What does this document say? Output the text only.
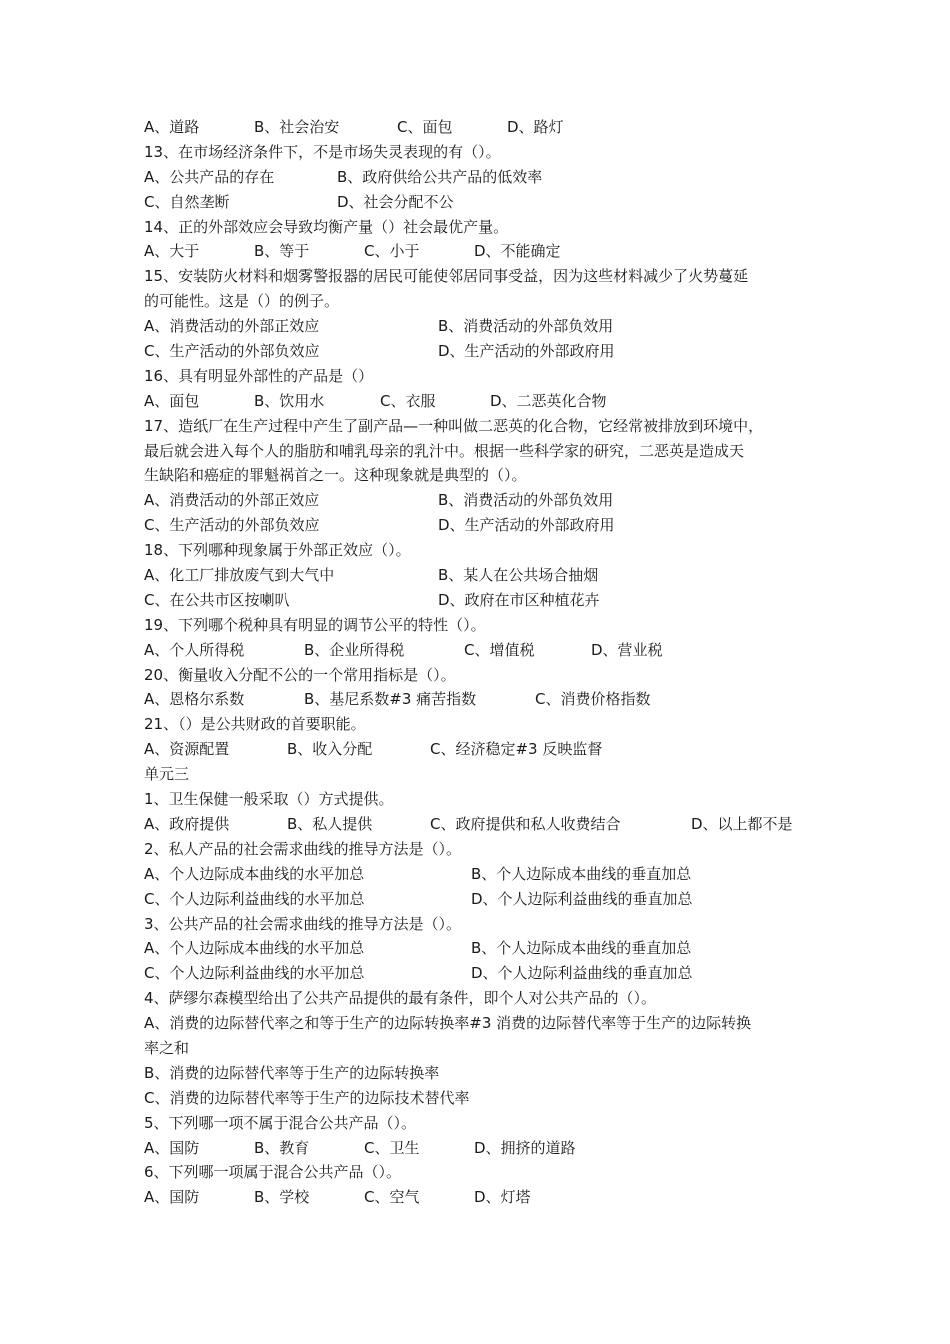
A、道路	B、社会治安	C、面包	D、路灯
13、在市场经济条件下，不是市场失灵表现的有（）。
A、公共产品的存在	B、政府供给公共产品的低效率
C、自然垄断	D、社会分配不公
14、正的外部效应会导致均衡产量（）社会最优产量。
A、大于	B、等于	C、小于	D、不能确定
15、安装防火材料和烟雾警报器的居民可能使邻居同事受益，因为这些材料减少了火势蔓延
的可能性。这是（）的例子。
A、消费活动的外部正效应	B、消费活动的外部负效用
C、生产活动的外部负效应	D、生产活动的外部政府用
16、具有明显外部性的产品是（）
A、面包	B、饮用水	C、衣服	D、二恶英化合物
17、造纸厂在生产过程中产生了副产品—一种叫做二恶英的化合物，它经常被排放到环境中，
最后就会进入每个人的脂肪和哺乳母亲的乳汁中。根据一些科学家的研究，二恶英是造成天
生缺陷和癌症的罪魁祸首之一。这种现象就是典型的（）。
A、消费活动的外部正效应	B、消费活动的外部负效用
C、生产活动的外部负效应	D、生产活动的外部政府用
18、下列哪种现象属于外部正效应（）。
A、化工厂排放废气到大气中	B、某人在公共场合抽烟
C、在公共市区按喇叭	D、政府在市区种植花卉
19、下列哪个税种具有明显的调节公平的特性（）。
A、个人所得税	B、企业所得税	C、增值税	D、营业税
20、衡量收入分配不公的一个常用指标是（）。
A、恩格尔系数	B、基尼系数#3 痛苦指数	C、消费价格指数
21、（）是公共财政的首要职能。
A、资源配置	B、收入分配	C、经济稳定#3 反映监督
单元三
1、卫生保健一般采取（）方式提供。
A、政府提供	B、私人提供	C、政府提供和私人收费结合	D、以上都不是
2、私人产品的社会需求曲线的推导方法是（）。
A、个人边际成本曲线的水平加总	B、个人边际成本曲线的垂直加总
C、个人边际利益曲线的水平加总	D、个人边际利益曲线的垂直加总
3、公共产品的社会需求曲线的推导方法是（）。
A、个人边际成本曲线的水平加总	B、个人边际成本曲线的垂直加总
C、个人边际利益曲线的水平加总	D、个人边际利益曲线的垂直加总
4、萨缪尔森模型给出了公共产品提供的最有条件，即个人对公共产品的（）。
A、消费的边际替代率之和等于生产的边际转换率#3 消费的边际替代率等于生产的边际转换
率之和
B、消费的边际替代率等于生产的边际转换率
C、消费的边际替代率等于生产的边际技术替代率
5、下列哪一项不属于混合公共产品（）。
A、国防	B、教育	C、卫生	D、拥挤的道路
6、下列哪一项属于混合公共产品（）。
A、国防	B、学校	C、空气	D、灯塔
